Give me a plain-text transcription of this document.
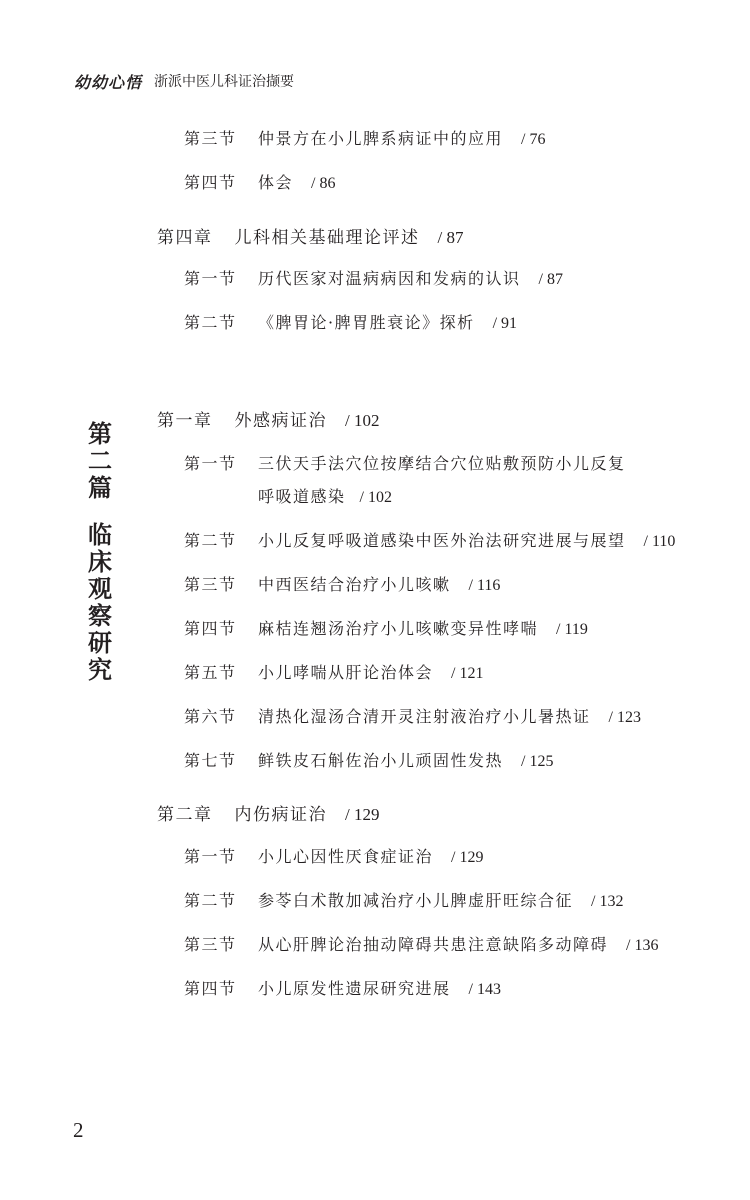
幼幼心悟 浙派中医儿科证治撷要
第
二
篇
临
床
观
察
研
究
第三节 仲景方在小儿脾系病证中的应用 / 76
第四节 体会 / 86
第四章 儿科相关基础理论评述 / 87
第一节 历代医家对温病病因和发病的认识 / 87
第二节 《脾胃论·脾胃胜衰论》探析 / 91
第一章 外感病证治 / 102
第一节 三伏天手法穴位按摩结合穴位贴敷预防小儿反复
呼吸道感染 / 102
第二节 小儿反复呼吸道感染中医外治法研究进展与展望 / 110
第三节 中西医结合治疗小儿咳嗽 / 116
第四节 麻桔连翘汤治疗小儿咳嗽变异性哮喘 / 119
第五节 小儿哮喘从肝论治体会 / 121
第六节 清热化湿汤合清开灵注射液治疗小儿暑热证 / 123
第七节 鲜铁皮石斛佐治小儿顽固性发热 / 125
第二章 内伤病证治 / 129
第一节 小儿心因性厌食症证治 / 129
第二节 参苓白术散加减治疗小儿脾虚肝旺综合征 / 132
第三节 从心肝脾论治抽动障碍共患注意缺陷多动障碍 / 136
第四节 小儿原发性遗尿研究进展 / 143
2
